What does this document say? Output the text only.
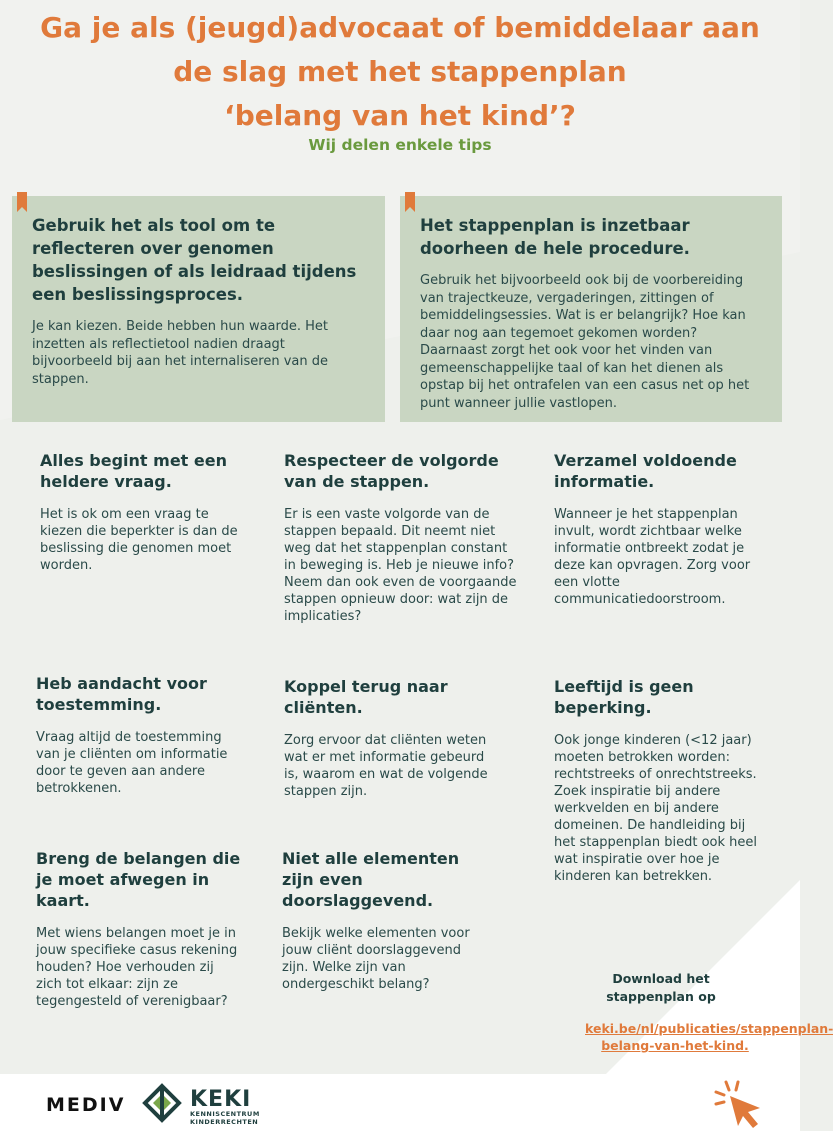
Ga je als (jeugd)advocaat of bemiddelaar aan
de slag met het stappenplan
‘belang van het kind’?
Wij delen enkele tips
Gebruik het als tool om te reflecteren over genomen beslissingen of als leidraad tijdens een beslissingsproces.

Je kan kiezen. Beide hebben hun waarde. Het inzetten als reflectietool nadien draagt bijvoorbeeld bij aan het internaliseren van de stappen.

Het stappenplan is inzetbaar doorheen de hele procedure.

Gebruik het bijvoorbeeld ook bij de voorbereiding van trajectkeuze, vergaderingen, zittingen of bemiddelingsessies. Wat is er belangrijk? Hoe kan daar nog aan tegemoet gekomen worden? Daarnaast zorgt het ook voor het vinden van gemeenschappelijke taal of kan het dienen als opstap bij het ontrafelen van een casus net op het punt wanneer jullie vastlopen.

Alles begint met een heldere vraag.

Het is ok om een vraag te kiezen die beperkter is dan de beslissing die genomen moet worden.

Respecteer de volgorde van de stappen.

Er is een vaste volgorde van de stappen bepaald. Dit neemt niet weg dat het stappenplan constant in beweging is. Heb je nieuwe info? Neem dan ook even de voorgaande stappen opnieuw door: wat zijn de implicaties?

Verzamel voldoende informatie.

Wanneer je het stappenplan invult, wordt zichtbaar welke informatie ontbreekt zodat je deze kan opvragen. Zorg voor een vlotte communicatiedoorstroom.

Heb aandacht voor toestemming.

Vraag altijd de toestemming van je cliënten om informatie door te geven aan andere betrokkenen.

Koppel terug naar cliënten.

Zorg ervoor dat cliënten weten wat er met informatie gebeurd is, waarom en wat de volgende stappen zijn.

Leeftijd is geen beperking.

Ook jonge kinderen (<12 jaar) moeten betrokken worden: rechtstreeks of onrechtstreeks. Zoek inspiratie bij andere werkvelden en bij andere domeinen. De handleiding bij het stappenplan biedt ook heel wat inspiratie over hoe je kinderen kan betrekken.

Breng de belangen die je moet afwegen in kaart.

Met wiens belangen moet je in jouw specifieke casus rekening houden? Hoe verhouden zij zich tot elkaar: zijn ze tegengesteld of verenigbaar?

Niet alle elementen zijn even doorslaggevend.

Bekijk welke elementen voor jouw cliënt doorslaggevend zijn. Welke zijn van ondergeschikt belang?	Download het stappenplan op
keki.be/nl/publicaties/stappenplan-belang-van-het-kind.
MEDIV	KEKI
KENNISCENTRUM
KINDERRECHTEN
